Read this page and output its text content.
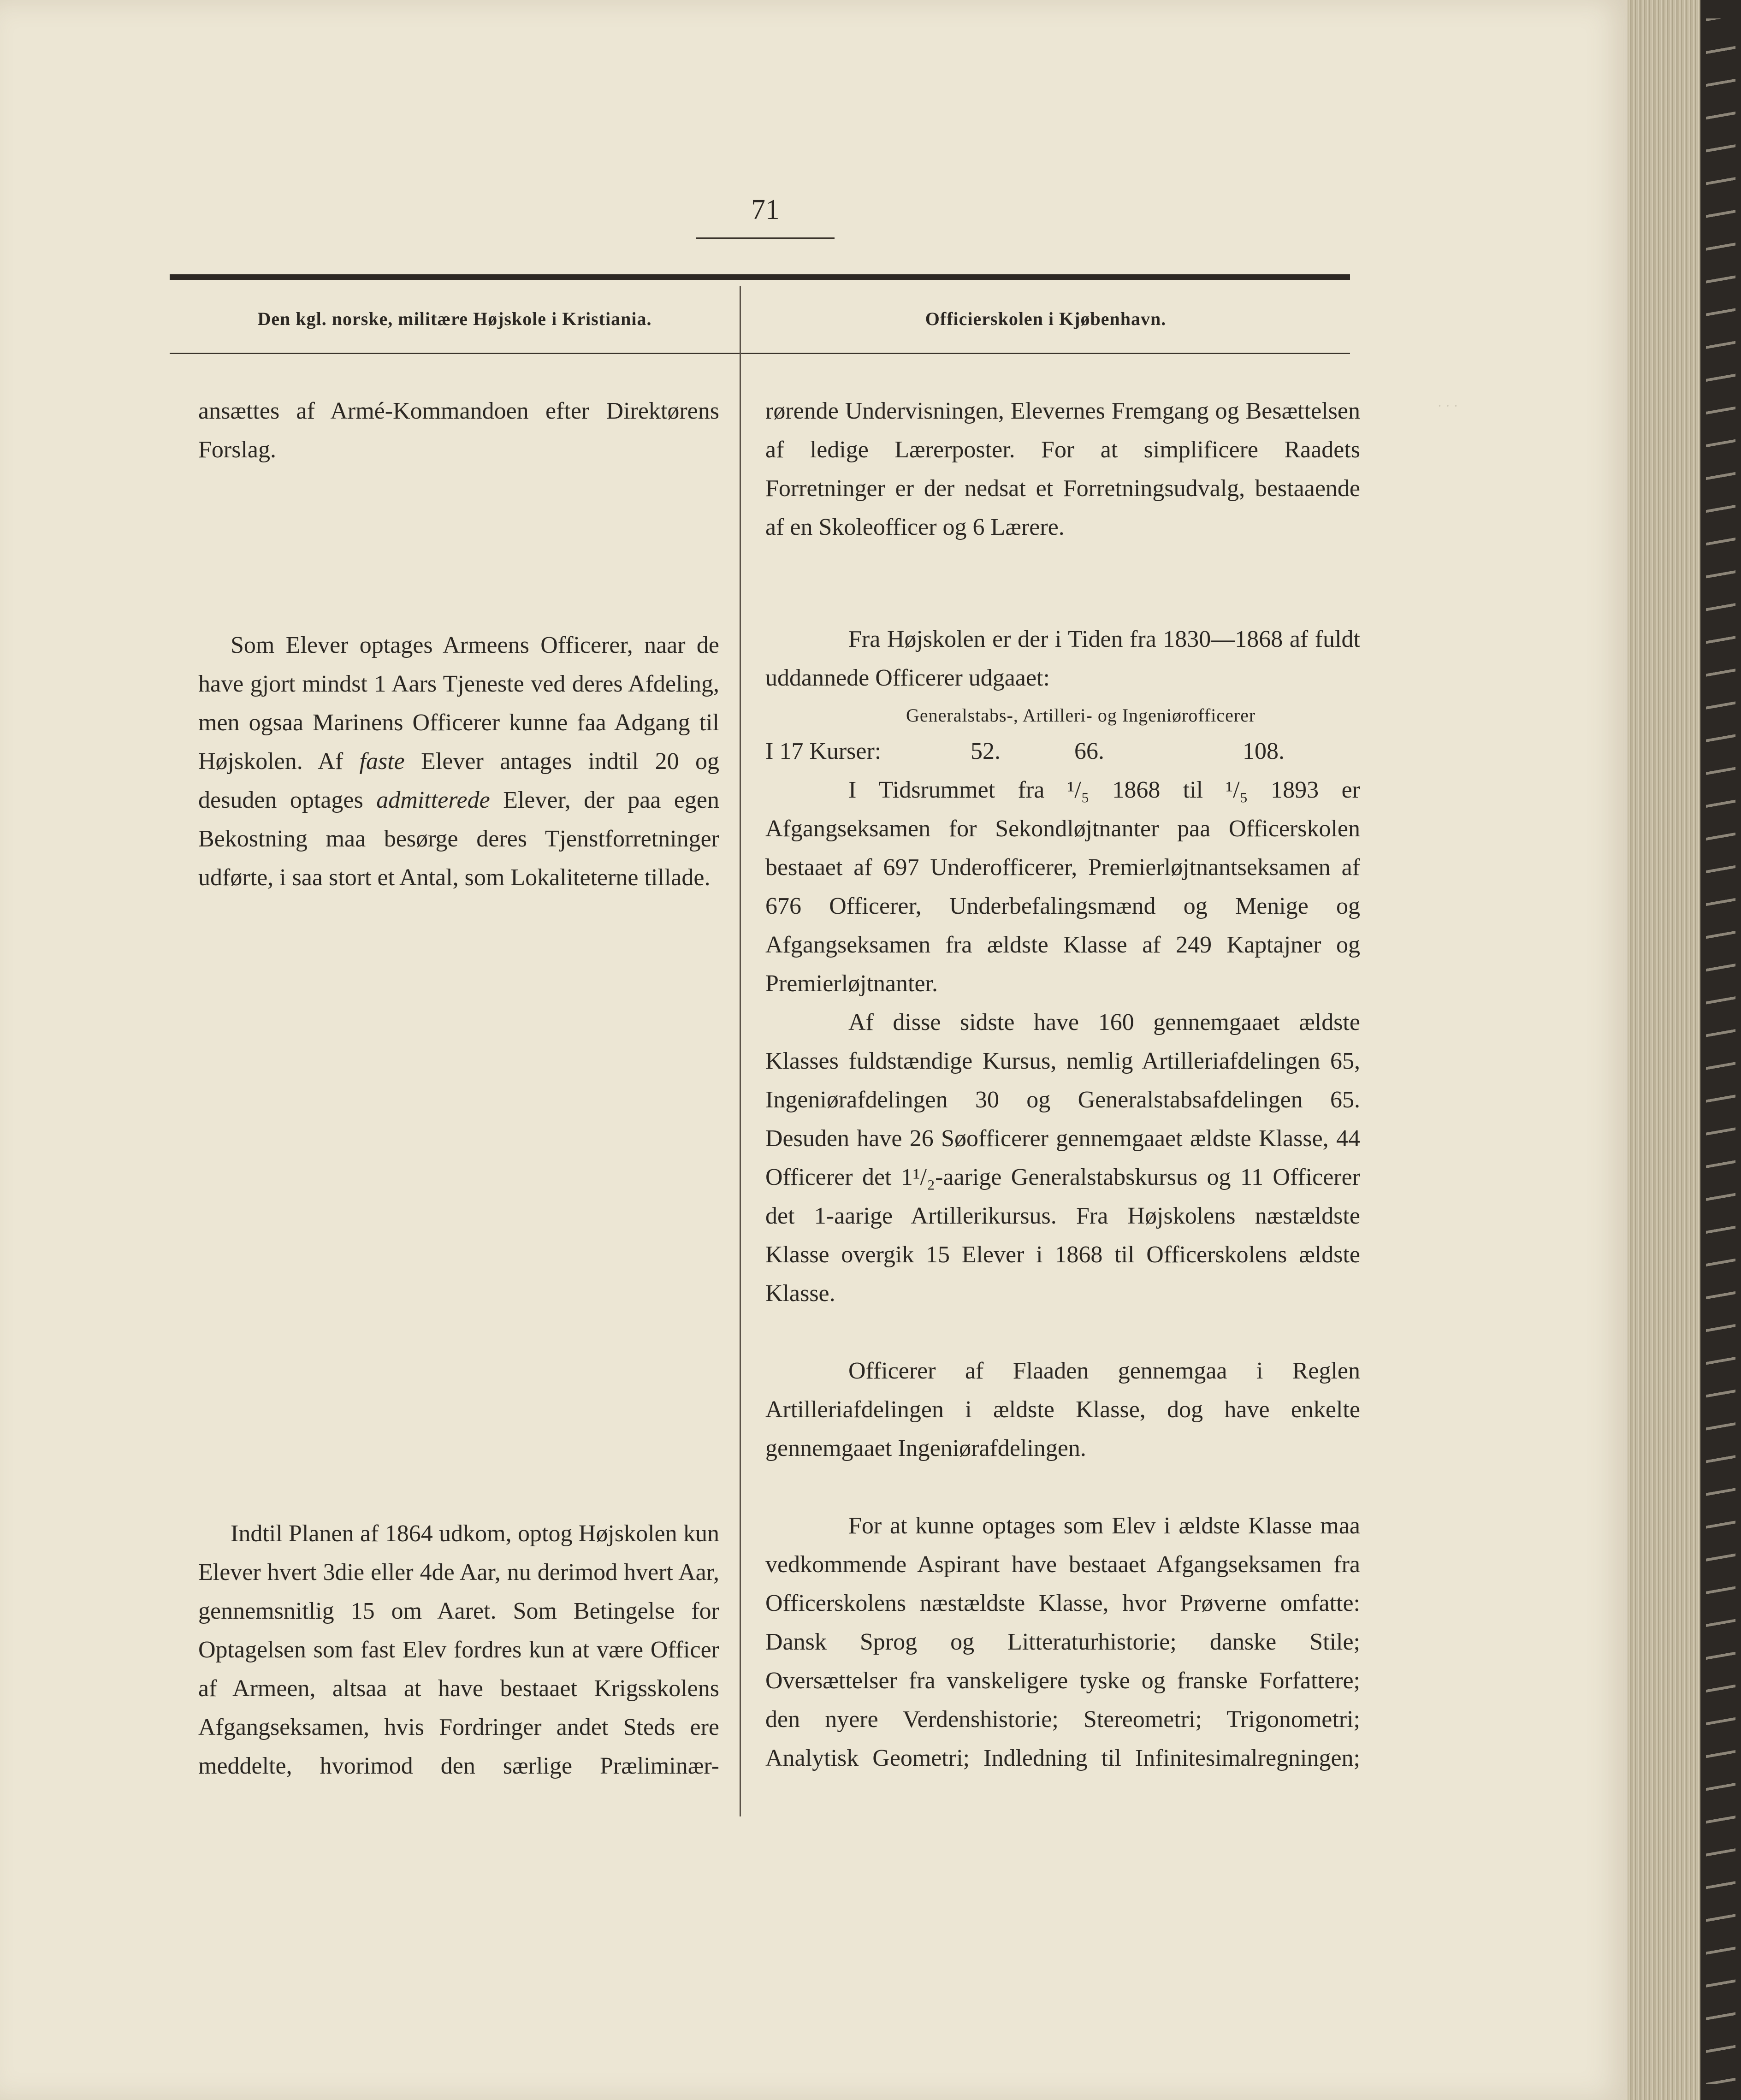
· · ·
71
Den kgl. norske, militære Højskole i Kristiania.	Officierskolen i Kjøbenhavn.

ansættes af Armé-Kommandoen efter Direktørens Forslag.

Som Elever optages Armeens Officerer, naar de have gjort mindst 1 Aars Tjeneste ved deres Afdeling, men ogsaa Marinens Officerer kunne faa Adgang til Højskolen. Af faste Elever antages indtil 20 og desuden optages admitterede Elever, der paa egen Bekostning maa besørge deres Tjenstforretninger udførte, i saa stort et Antal, som Lokaliteterne tillade.

Indtil Planen af 1864 udkom, optog Højskolen kun Elever hvert 3die eller 4de Aar, nu derimod hvert Aar, gennemsnitlig 15 om Aaret. Som Betingelse for Optagelsen som fast Elev fordres kun at være Officer af Armeen, altsaa at have bestaaet Krigsskolens Afgangseksamen, hvis Fordringer andet Steds ere meddelte, hvorimod den særlige Præliminær-

rørende Undervisningen, Elevernes Fremgang og Besættelsen af ledige Lærerposter. For at simplificere Raadets Forretninger er der nedsat et Forretningsudvalg, bestaaende af en Skoleofficer og 6 Lærere.

Fra Højskolen er der i Tiden fra 1830—1868 af fuldt uddannede Officerer udgaaet:

Generalstabs-, Artilleri- og Ingeniørofficerer
I 17 Kurser:	52.	66.	108.

I Tidsrummet fra ¹/₅ 1868 til ¹/₅ 1893 er Afgangseksamen for Sekondløjtnanter paa Officerskolen bestaaet af 697 Underofficerer, Premierløjtnantseksamen af 676 Officerer, Underbefalingsmænd og Menige og Afgangseksamen fra ældste Klasse af 249 Kaptajner og Premierløjtnanter.

Af disse sidste have 160 gennemgaaet ældste Klasses fuldstændige Kursus, nemlig Artilleriafdelingen 65, Ingeniørafdelingen 30 og Generalstabsafdelingen 65. Desuden have 26 Søofficerer gennemgaaet ældste Klasse, 44 Officerer det 1¹/₂-aarige Generalstabskursus og 11 Officerer det 1-aarige Artillerikursus. Fra Højskolens næstældste Klasse overgik 15 Elever i 1868 til Officerskolens ældste Klasse.

Officerer af Flaaden gennemgaa i Reglen Artilleriafdelingen i ældste Klasse, dog have enkelte gennemgaaet Ingeniørafdelingen.

For at kunne optages som Elev i ældste Klasse maa vedkommende Aspirant have bestaaet Afgangseksamen fra Officerskolens næstældste Klasse, hvor Prøverne omfatte: Dansk Sprog og Litteraturhistorie; danske Stile; Oversættelser fra vanskeligere tyske og franske Forfattere; den nyere Verdenshistorie; Stereometri; Trigonometri; Analytisk Geometri; Indledning til Infinitesimalregningen;
